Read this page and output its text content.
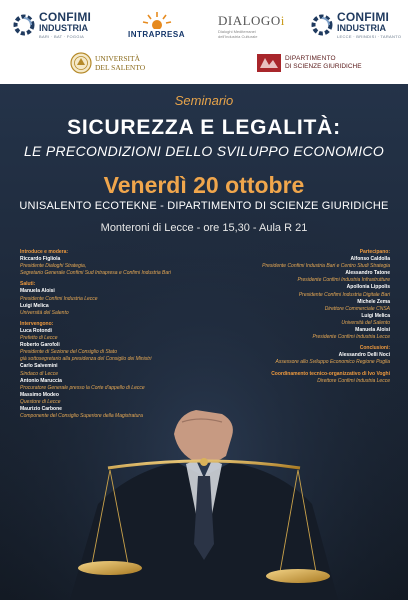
CONFIMI
INDUSTRIA
BARI · BAT · FOGGIA	INTRAPRESA
DIALOGOi
Dialoghi Mediterranei
dell'Industria Culturale
CONFIMI
INDUSTRIA
LECCE · BRINDISI · TARANTO
UNIVERSITÀ
DEL SALENTO
DIPARTIMENTO
DI SCIENZE GIURIDICHE
Seminario
SICUREZZA E LEGALITÀ:
LE PRECONDIZIONI DELLO SVILUPPO ECONOMICO
Venerdì 20 ottobre
UNISALENTO ECOTEKNE - DIPARTIMENTO DI SCIENZE GIURIDICHE
Monteroni di Lecce - ore 15,30 - Aula R 21
Introduce e modera:
Riccardo Figliola
Presidente Dialoghi Strategia,
Segretario Generale Confimi Sud Intrapresa e Confimi Industria Bari
Saluti:
Manuela Aloisi
Presidente Confimi Industria Lecce
Luigi Melica
Università del Salento
Intervengono:
Luca Rotondi
Prefetto di Lecce
Roberto Garofoli
Presidente di Sezione del Consiglio di Stato
già sottosegretario alla presidenza del Consiglio dei Ministri
Carlo Salvemini
Sindaco di Lecce
Antonio Maruccia
Procuratore Generale presso la Corte d'appello di Lecce
Massimo Modeo
Questore di Lecce
Maurizio Carbone
Componente del Consiglio Superiore della Magistratura
Partecipano:
Alfonso Caldolla
Presidente Confimi Industria Bari e Centro Studi Strategia
Alessandro Tatone
Presidente Confimi Industria Infrastrutture
Apollonia Lippolis
Presidente Confimi Industria Digitale Bari
Michele Zema
Direttore Commerciale CNSA
Luigi Melica
Università del Salento
Manuela Aloisi
Presidente Confimi Industria Lecce
Conclusioni:
Alessandro Delli Noci
Assessore allo Sviluppo Economico Regione Puglia
Coordinamento tecnico-organizzativo di Ivo Voghi
Direttore Confimi Industria Lecce
